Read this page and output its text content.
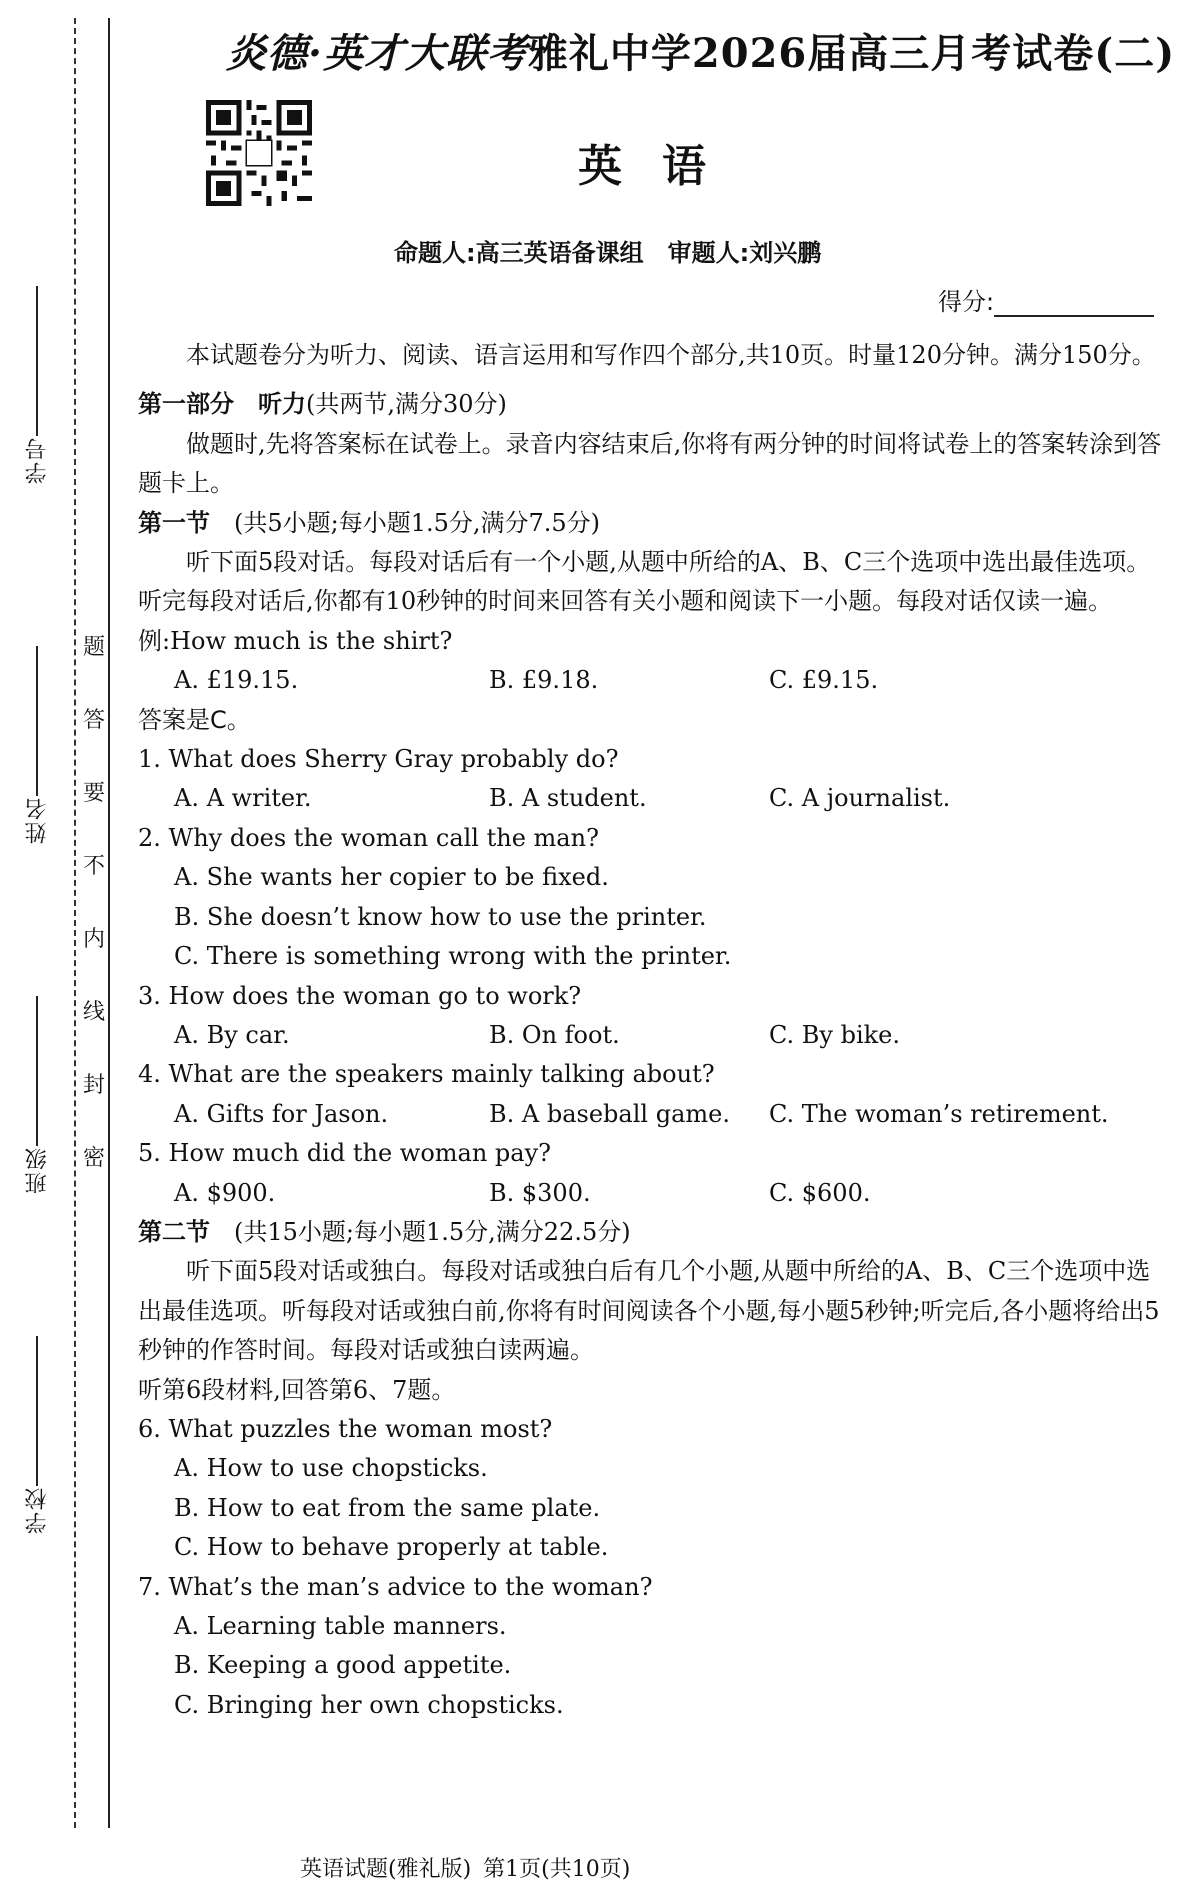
学号
姓名
班级
学校
题
答
要
不
内
线
封
密
炎德·英才大联考雅礼中学2026届高三月考试卷(二)
英语
命题人:高三英语备课组　审题人:刘兴鹏
得分:

本试题卷分为听力、阅读、语言运用和写作四个部分,共10页。时量120分钟。满分150分。

第一部分　听力(共两节,满分30分)

做题时,先将答案标在试卷上。录音内容结束后,你将有两分钟的时间将试卷上的答案转涂到答题卡上。

第一节　 (共5小题;每小题1.5分,满分7.5分)

听下面5段对话。每段对话后有一个小题,从题中所给的A、B、C三个选项中选出最佳选项。听完每段对话后,你都有10秒钟的时间来回答有关小题和阅读下一小题。每段对话仅读一遍。

例:How much is the shirt?

A. £19.15.	B. £9.18.	C. £9.15.

答案是C。

1. What does Sherry Gray probably do?

A. A writer.	B. A student.	C. A journalist.

2. Why does the woman call the man?

A. She wants her copier to be fixed.

B. She doesn’t know how to use the printer.

C. There is something wrong with the printer.

3. How does the woman go to work?

A. By car.	B. On foot.	C. By bike.

4. What are the speakers mainly talking about?

A. Gifts for Jason.	B. A baseball game.	C. The woman’s retirement.

5. How much did the woman pay?

A. $900.	B. $300.	C. $600.

第二节　 (共15小题;每小题1.5分,满分22.5分)

听下面5段对话或独白。每段对话或独白后有几个小题,从题中所给的A、B、C三个选项中选出最佳选项。听每段对话或独白前,你将有时间阅读各个小题,每小题5秒钟;听完后,各小题将给出5秒钟的作答时间。每段对话或独白读两遍。

听第6段材料,回答第6、7题。

6. What puzzles the woman most?

A. How to use chopsticks.

B. How to eat from the same plate.

C. How to behave properly at table.

7. What’s the man’s advice to the woman?

A. Learning table manners.

B. Keeping a good appetite.

C. Bringing her own chopsticks.

英语试题(雅礼版) 第1页(共10页)
